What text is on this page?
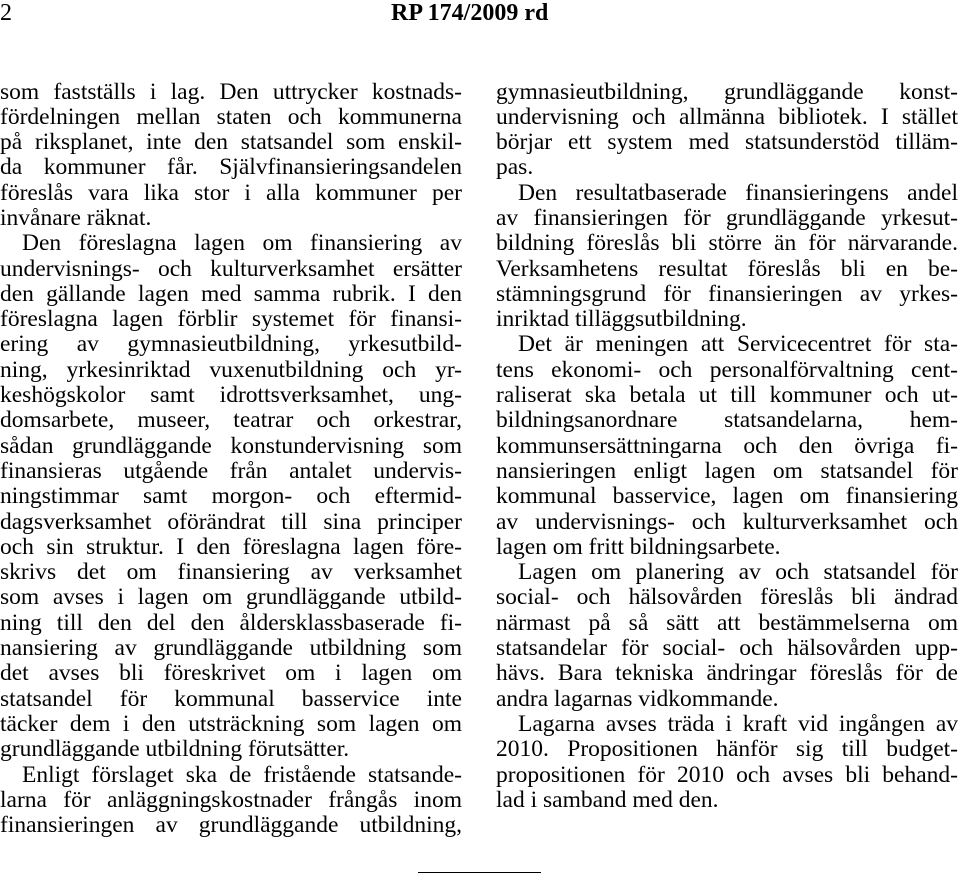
2	RP 174/2009 rd
som fastställs i lag. Den uttrycker kostnads-
fördelningen mellan staten och kommunerna
på riksplanet, inte den statsandel som enskil-
da kommuner får. Självfinansieringsandelen
föreslås vara lika stor i alla kommuner per
invånare räknat.
Den föreslagna lagen om finansiering av
undervisnings- och kulturverksamhet ersätter
den gällande lagen med samma rubrik. I den
föreslagna lagen förblir systemet för finansi-
ering av gymnasieutbildning, yrkesutbild-
ning, yrkesinriktad vuxenutbildning och yr-
keshögskolor samt idrottsverksamhet, ung-
domsarbete, museer, teatrar och orkestrar,
sådan grundläggande konstundervisning som
finansieras utgående från antalet undervis-
ningstimmar samt morgon- och eftermid-
dagsverksamhet oförändrat till sina principer
och sin struktur. I den föreslagna lagen före-
skrivs det om finansiering av verksamhet
som avses i lagen om grundläggande utbild-
ning till den del den åldersklassbaserade fi-
nansiering av grundläggande utbildning som
det avses bli föreskrivet om i lagen om
statsandel för kommunal basservice inte
täcker dem i den utsträckning som lagen om
grundläggande utbildning förutsätter.
Enligt förslaget ska de fristående statsande-
larna för anläggningskostnader frångås inom
finansieringen av grundläggande utbildning,
gymnasieutbildning, grundläggande konst-
undervisning och allmänna bibliotek. I stället
börjar ett system med statsunderstöd tilläm-
pas.
Den resultatbaserade finansieringens andel
av finansieringen för grundläggande yrkesut-
bildning föreslås bli större än för närvarande.
Verksamhetens resultat föreslås bli en be-
stämningsgrund för finansieringen av yrkes-
inriktad tilläggsutbildning.
Det är meningen att Servicecentret för sta-
tens ekonomi- och personalförvaltning cent-
raliserat ska betala ut till kommuner och ut-
bildningsanordnare statsandelarna, hem-
kommunsersättningarna och den övriga fi-
nansieringen enligt lagen om statsandel för
kommunal basservice, lagen om finansiering
av undervisnings- och kulturverksamhet och
lagen om fritt bildningsarbete.
Lagen om planering av och statsandel för
social- och hälsovården föreslås bli ändrad
närmast på så sätt att bestämmelserna om
statsandelar för social- och hälsovården upp-
hävs. Bara tekniska ändringar föreslås för de
andra lagarnas vidkommande.
Lagarna avses träda i kraft vid ingången av
2010. Propositionen hänför sig till budget-
propositionen för 2010 och avses bli behand-
lad i samband med den.
